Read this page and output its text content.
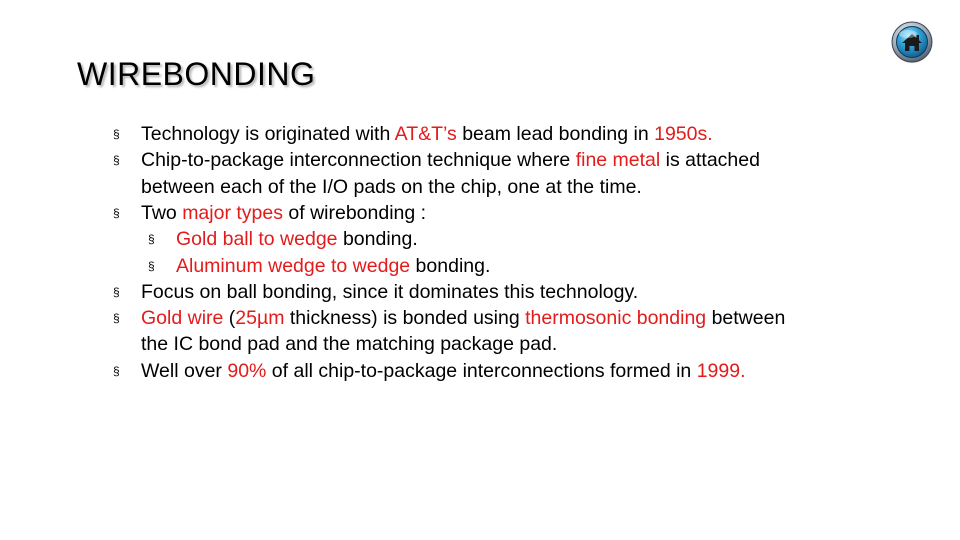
WIREBONDING
§ Technology is originated with AT&T’s beam lead bonding in 1950s.
§ Chip-to-package interconnection technique where fine metal is attached
between each of the I/O pads on the chip, one at the time.
§ Two major types of wirebonding :
§ Gold ball to wedge bonding.
§ Aluminum wedge to wedge bonding.
§ Focus on ball bonding, since it dominates this technology.
§ Gold wire (25µm thickness) is bonded using thermosonic bonding between
the IC bond pad and the matching package pad.
§ Well over 90% of all chip-to-package interconnections formed in 1999.
